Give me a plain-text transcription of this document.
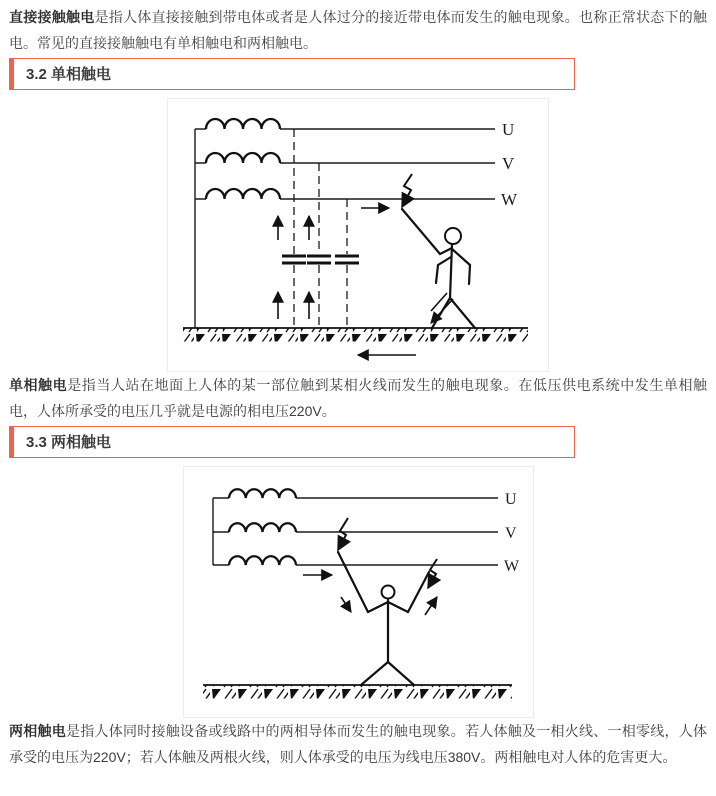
直接接触触电是指人体直接接触到带电体或者是人体过分的接近带电体而发生的触电现象。也称正常状态下的触电。常见的直接接触触电有单相触电和两相触电。

3.2 单相触电
U
V
W

单相触电是指当人站在地面上人体的某一部位触到某相火线而发生的触电现象。在低压供电系统中发生单相触电，人体所承受的电压几乎就是电源的相电压220V。

3.3 两相触电
U
V
W

两相触电是指人体同时接触设备或线路中的两相导体而发生的触电现象。若人体触及一相火线、一相零线，人体承受的电压为220V；若人体触及两根火线，则人体承受的电压为线电压380V。两相触电对人体的危害更大。
